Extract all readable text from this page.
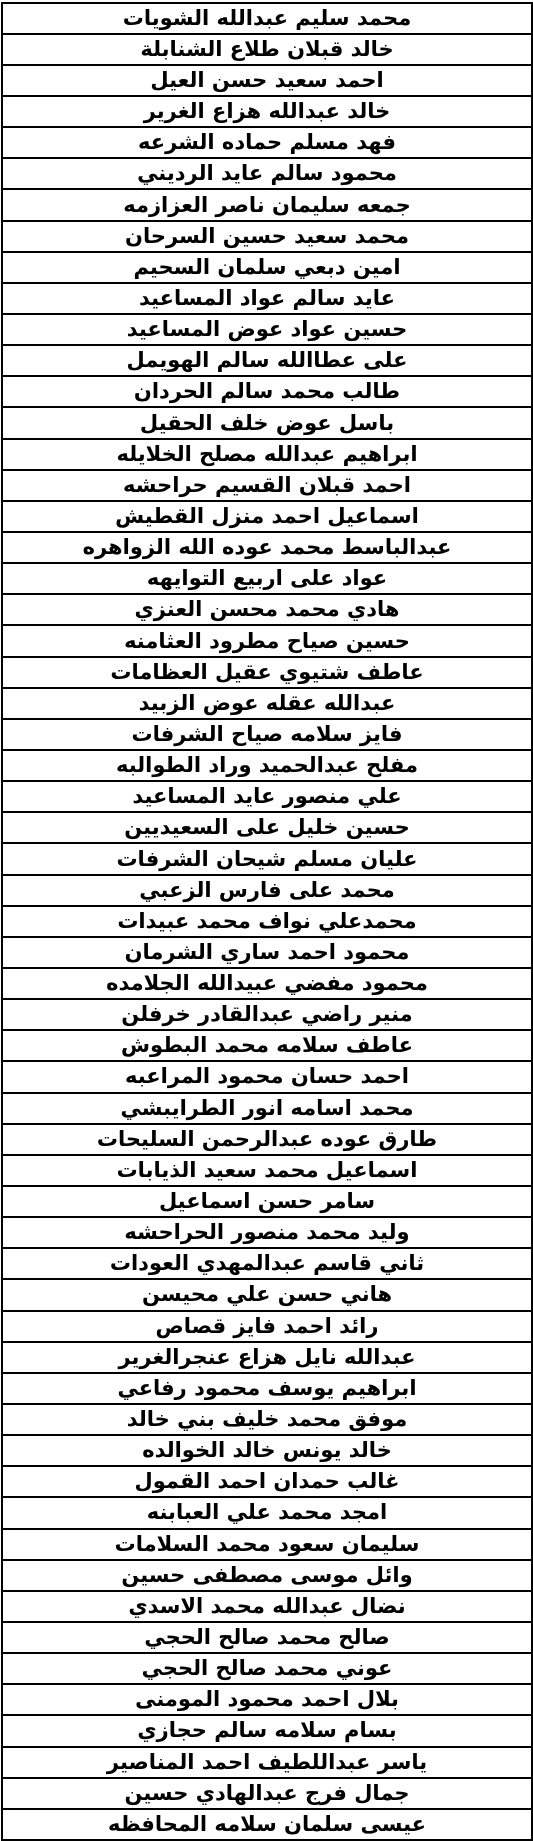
محمد سليم عبدالله الشويات
خالد قبلان طلاع الشنابلة
احمد سعيد حسن العيل
خالد عبدالله هزاع الغرير
فهد مسلم حماده الشرعه
محمود سالم عايد الرديني
جمعه سليمان ناصر العزازمه
محمد سعيد حسين السرحان
امين دبعي سلمان السحيم
عايد سالم عواد المساعيد
حسين عواد عوض المساعيد
على عطاالله سالم الهويمل
طالب محمد سالم الحردان
باسل عوض خلف الحقيل
ابراهيم عبدالله مصلح الخلايله
احمد قبلان القسيم حراحشه
اسماعيل احمد منزل القطيش
عبدالباسط محمد عوده الله الزواهره
عواد على اربيع التوايهه
هادي محمد محسن العنزي
حسين صياح مطرود العثامنه
عاطف شتيوي عقيل العظامات
عبدالله عقله عوض الزبيد
فايز سلامه صياح الشرفات
مفلح عبدالحميد وراد الطوالبه
علي منصور عايد المساعيد
حسين خليل على السعيديين
عليان مسلم شيحان الشرفات
محمد على فارس الزعبي
محمدعلي نواف محمد عبيدات
محمود احمد ساري الشرمان
محمود مفضي عبيدالله الجلامده
منير راضي عبدالقادر خرفلن
عاطف سلامه محمد البطوش
احمد حسان محمود المراعبه
محمد اسامه انور الطرايبشي
طارق عوده عبدالرحمن السليحات
اسماعيل محمد سعيد الذيابات
سامر حسن اسماعيل
وليد محمد منصور الحراحشه
ثاني قاسم عبدالمهدي العودات
هاني حسن علي محيسن
رائد احمد فايز قصاص
عبدالله نايل هزاع عنجرالغرير
ابراهيم يوسف محمود رفاعي
موفق محمد خليف بني خالد
خالد يونس خالد الخوالده
غالب حمدان احمد القمول
امجد محمد علي العبابنه
سليمان سعود محمد السلامات
وائل موسى مصطفى حسين
نضال عبدالله محمد الاسدي
صالح محمد صالح الحجي
عوني محمد صالح الحجي
بلال احمد محمود المومنى
بسام سلامه سالم حجازي
ياسر عبداللطيف احمد المناصير
جمال فرج عبدالهادي حسين
عيسى سلمان سلامه المحافظه
